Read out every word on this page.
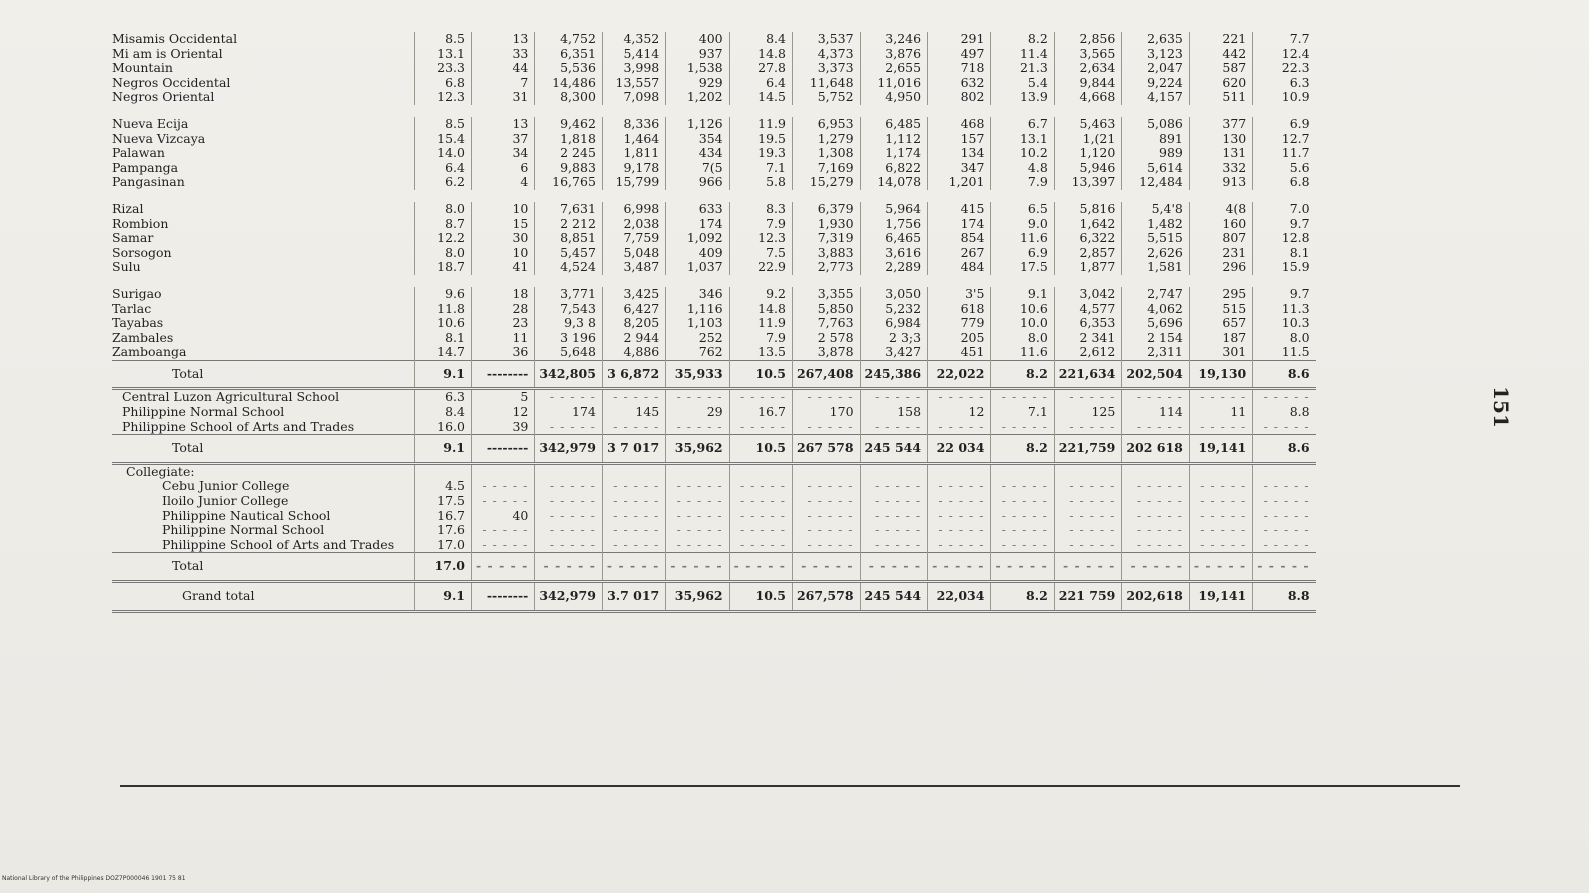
Misamis Occidental	8.5	13	4,752	4,352	400	8.4	3,537	3,246	291	8.2	2,856	2,635	221	7.7
Mi am is Oriental	13.1	33	6,351	5,414	937	14.8	4,373	3,876	497	11.4	3,565	3,123	442	12.4
Mountain	23.3	44	5,536	3,998	1,538	27.8	3,373	2,655	718	21.3	2,634	2,047	587	22.3
Negros Occidental	6.8	7	14,486	13,557	929	6.4	11,648	11,016	632	5.4	9,844	9,224	620	6.3
Negros Oriental	12.3	31	8,300	7,098	1,202	14.5	5,752	4,950	802	13.9	4,668	4,157	511	10.9

Nueva Ecija	8.5	13	9,462	8,336	1,126	11.9	6,953	6,485	468	6.7	5,463	5,086	377	6.9
Nueva Vizcaya	15.4	37	1,818	1,464	354	19.5	1,279	1,112	157	13.1	1,(21	891	130	12.7
Palawan	14.0	34	2 245	1,811	434	19.3	1,308	1,174	134	10.2	1,120	989	131	11.7
Pampanga	6.4	6	9,883	9,178	7(5	7.1	7,169	6,822	347	4.8	5,946	5,614	332	5.6
Pangasinan	6.2	4	16,765	15,799	966	5.8	15,279	14,078	1,201	7.9	13,397	12,484	913	6.8

Rizal	8.0	10	7,631	6,998	633	8.3	6,379	5,964	415	6.5	5,816	5,4'8	4(8	7.0
Rombion	8.7	15	2 212	2,038	174	7.9	1,930	1,756	174	9.0	1,642	1,482	160	9.7
Samar	12.2	30	8,851	7,759	1,092	12.3	7,319	6,465	854	11.6	6,322	5,515	807	12.8
Sorsogon	8.0	10	5,457	5,048	409	7.5	3,883	3,616	267	6.9	2,857	2,626	231	8.1
Sulu	18.7	41	4,524	3,487	1,037	22.9	2,773	2,289	484	17.5	1,877	1,581	296	15.9

Surigao	9.6	18	3,771	3,425	346	9.2	3,355	3,050	3'5	9.1	3,042	2,747	295	9.7
Tarlac	11.8	28	7,543	6,427	1,116	14.8	5,850	5,232	618	10.6	4,577	4,062	515	11.3
Tayabas	10.6	23	9,3 8	8,205	1,103	11.9	7,763	6,984	779	10.0	6,353	5,696	657	10.3
Zambales	8.1	11	3 196	2 944	252	7.9	2 578	2 3;3	205	8.0	2 341	2 154	187	8.0
Zamboanga	14.7	36	5,648	4,886	762	13.5	3,878	3,427	451	11.6	2,612	2,311	301	11.5
Total	9.1	--------	342,805	3 6,872	35,933	10.5	267,408	245,386	22,022	8.2	221,634	202,504	19,130	8.6
Central Luzon Agricultural School	6.3	5	- - - - -	- - - - -	- - - - -	- - - - -	- - - - -	- - - - -	- - - - -	- - - - -	- - - - -	- - - - -	- - - - -	- - - - -
Philippine Normal School	8.4	12	174	145	29	16.7	170	158	12	7.1	125	114	11	8.8
Philippine School of Arts and Trades	16.0	39	- - - - -	- - - - -	- - - - -	- - - - -	- - - - -	- - - - -	- - - - -	- - - - -	- - - - -	- - - - -	- - - - -	- - - - -
Total	9.1	--------	342,979	3 7 017	35,962	10.5	267 578	245 544	22 034	8.2	221,759	202 618	19,141	8.6
Collegiate:														
Cebu Junior College	4.5	- - - - -	- - - - -	- - - - -	- - - - -	- - - - -	- - - - -	- - - - -	- - - - -	- - - - -	- - - - -	- - - - -	- - - - -	- - - - -
Iloilo Junior College	17.5	- - - - -	- - - - -	- - - - -	- - - - -	- - - - -	- - - - -	- - - - -	- - - - -	- - - - -	- - - - -	- - - - -	- - - - -	- - - - -
Philippine Nautical School	16.7	40	- - - - -	- - - - -	- - - - -	- - - - -	- - - - -	- - - - -	- - - - -	- - - - -	- - - - -	- - - - -	- - - - -	- - - - -
Philippine Normal School	17.6	- - - - -	- - - - -	- - - - -	- - - - -	- - - - -	- - - - -	- - - - -	- - - - -	- - - - -	- - - - -	- - - - -	- - - - -	- - - - -
Philippine School of Arts and Trades	17.0	- - - - -	- - - - -	- - - - -	- - - - -	- - - - -	- - - - -	- - - - -	- - - - -	- - - - -	- - - - -	- - - - -	- - - - -	- - - - -
Total	17.0	- - - - -	- - - - -	- - - - -	- - - - -	- - - - -	- - - - -	- - - - -	- - - - -	- - - - -	- - - - -	- - - - -	- - - - -	- - - - -
Grand total	9.1	--------	342,979	3.7 017	35,962	10.5	267,578	245 544	22,034	8.2	221 759	202,618	19,141	8.8
151
National Library of the Philippines DOZ7P000046 1901 75 81
